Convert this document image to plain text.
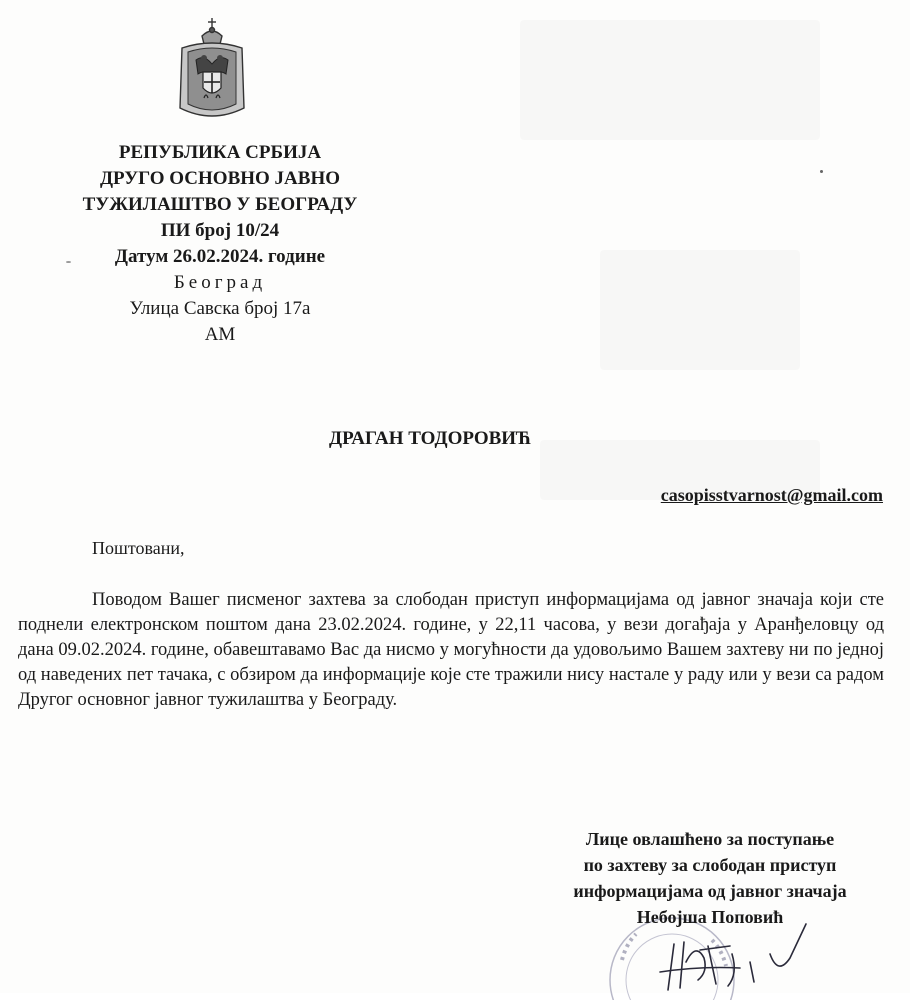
РЕПУБЛИКА СРБИЈА
ДРУГО ОСНОВНО ЈАВНО
ТУЖИЛАШТВО У БЕОГРАДУ
ПИ број 10/24
Датум 26.02.2024. године
Београд
Улица Савска број 17а
АМ
ДРАГАН ТОДОРОВИЋ
casopisstvarnost@gmail.com
Поштовани,
Поводом Вашег писменог захтева за слободан приступ информацијама од јавног значаја који сте поднели електронском поштом дана 23.02.2024. године, у 22,11 часова, у вези догађаја у Аранђеловцу од дана 09.02.2024. године, обавештавамо Вас да нисмо у могућности да удовољимо Вашем захтеву ни по једној од наведених пет тачака, с обзиром да информације које сте тражили нису настале у раду или у вези са радом Другог основног јавног тужилаштва у Београду.
Лице овлашћено за поступање
по захтеву за слободан приступ
информацијама од јавног значаја
Небојша Поповић
